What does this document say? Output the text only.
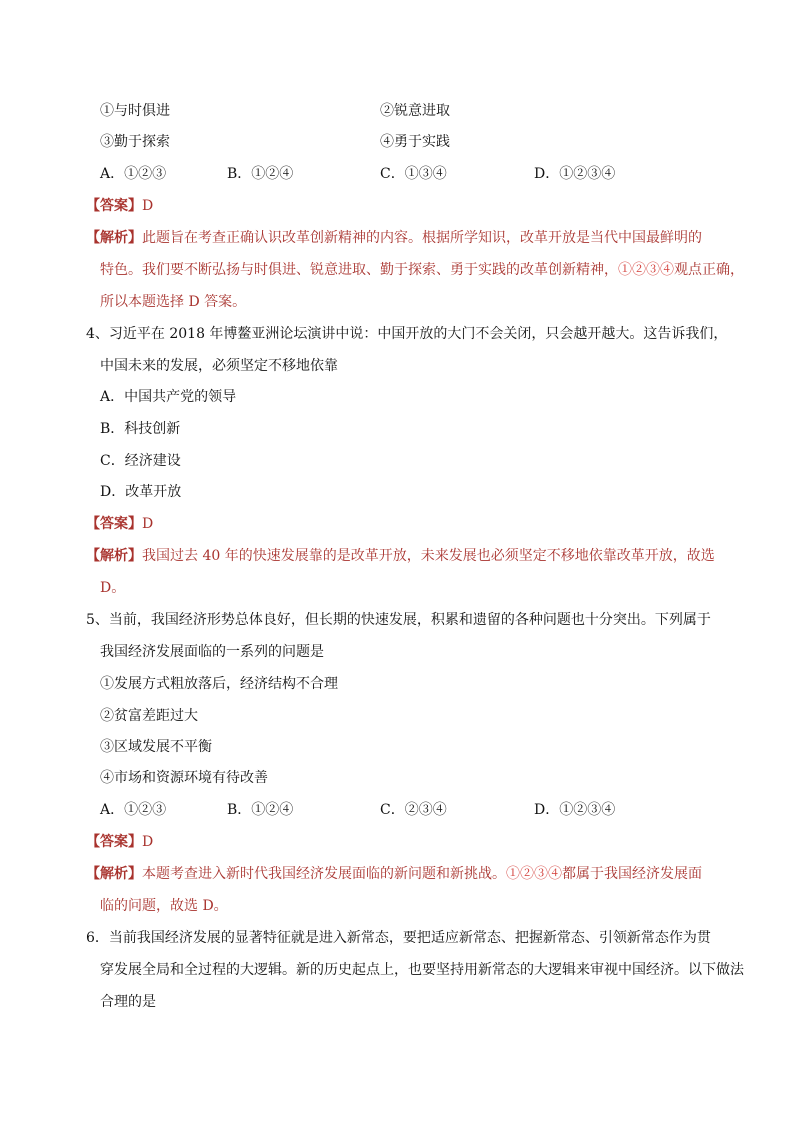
①与时俱进	②锐意进取
③勤于探索	④勇于实践
A．①②③	B．①②④	C．①③④	D．①②③④
【答案】D
【解析】此题旨在考查正确认识改革创新精神的内容。根据所学知识，改革开放是当代中国最鲜明的
特色。我们要不断弘扬与时俱进、锐意进取、勤于探索、勇于实践的改革创新精神，①②③④观点正确，
所以本题选择 D 答案。
4、习近平在 2018 年博鳌亚洲论坛演讲中说：中国开放的大门不会关闭，只会越开越大。这告诉我们，
中国未来的发展，必须坚定不移地依靠
A．中国共产党的领导
B．科技创新
C．经济建设
D．改革开放
【答案】D
【解析】我国过去 40 年的快速发展靠的是改革开放，未来发展也必须坚定不移地依靠改革开放，故选
D。
5、当前，我国经济形势总体良好，但长期的快速发展，积累和遗留的各种问题也十分突出。下列属于
我国经济发展面临的一系列的问题是
①发展方式粗放落后，经济结构不合理
②贫富差距过大
③区域发展不平衡
④市场和资源环境有待改善
A．①②③	B．①②④	C．②③④	D．①②③④
【答案】D
【解析】本题考查进入新时代我国经济发展面临的新问题和新挑战。①②③④都属于我国经济发展面
临的问题，故选 D。
6．当前我国经济发展的显著特征就是进入新常态，要把适应新常态、把握新常态、引领新常态作为贯
穿发展全局和全过程的大逻辑。新的历史起点上，也要坚持用新常态的大逻辑来审视中国经济。以下做法
合理的是
